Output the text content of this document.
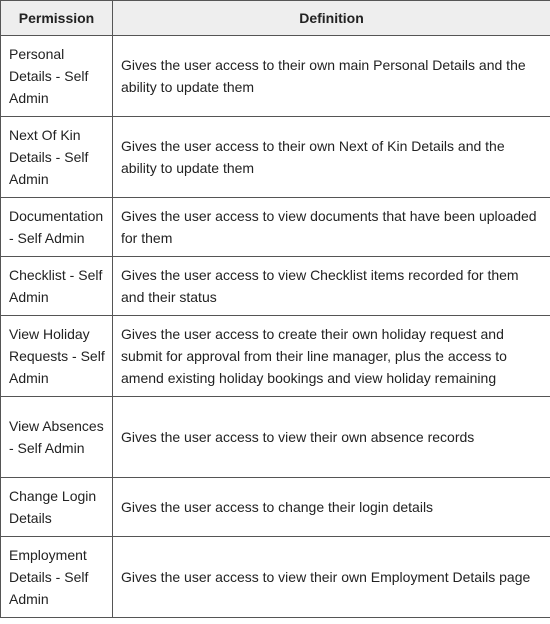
Permission	Definition
Personal Details - Self Admin	Gives the user access to their own main Personal Details and the ability to update them
Next Of Kin Details - Self Admin	Gives the user access to their own Next of Kin Details and the ability to update them
Documentation - Self Admin	Gives the user access to view documents that have been uploaded for them
Checklist - Self Admin	Gives the user access to view Checklist items recorded for them and their status
View Holiday Requests - Self Admin	Gives the user access to create their own holiday request and submit for approval from their line manager, plus the access to amend existing holiday bookings and view holiday remaining
View Absences - Self Admin	Gives the user access to view their own absence records
Change Login Details	Gives the user access to change their login details
Employment Details - Self Admin	Gives the user access to view their own Employment Details page
